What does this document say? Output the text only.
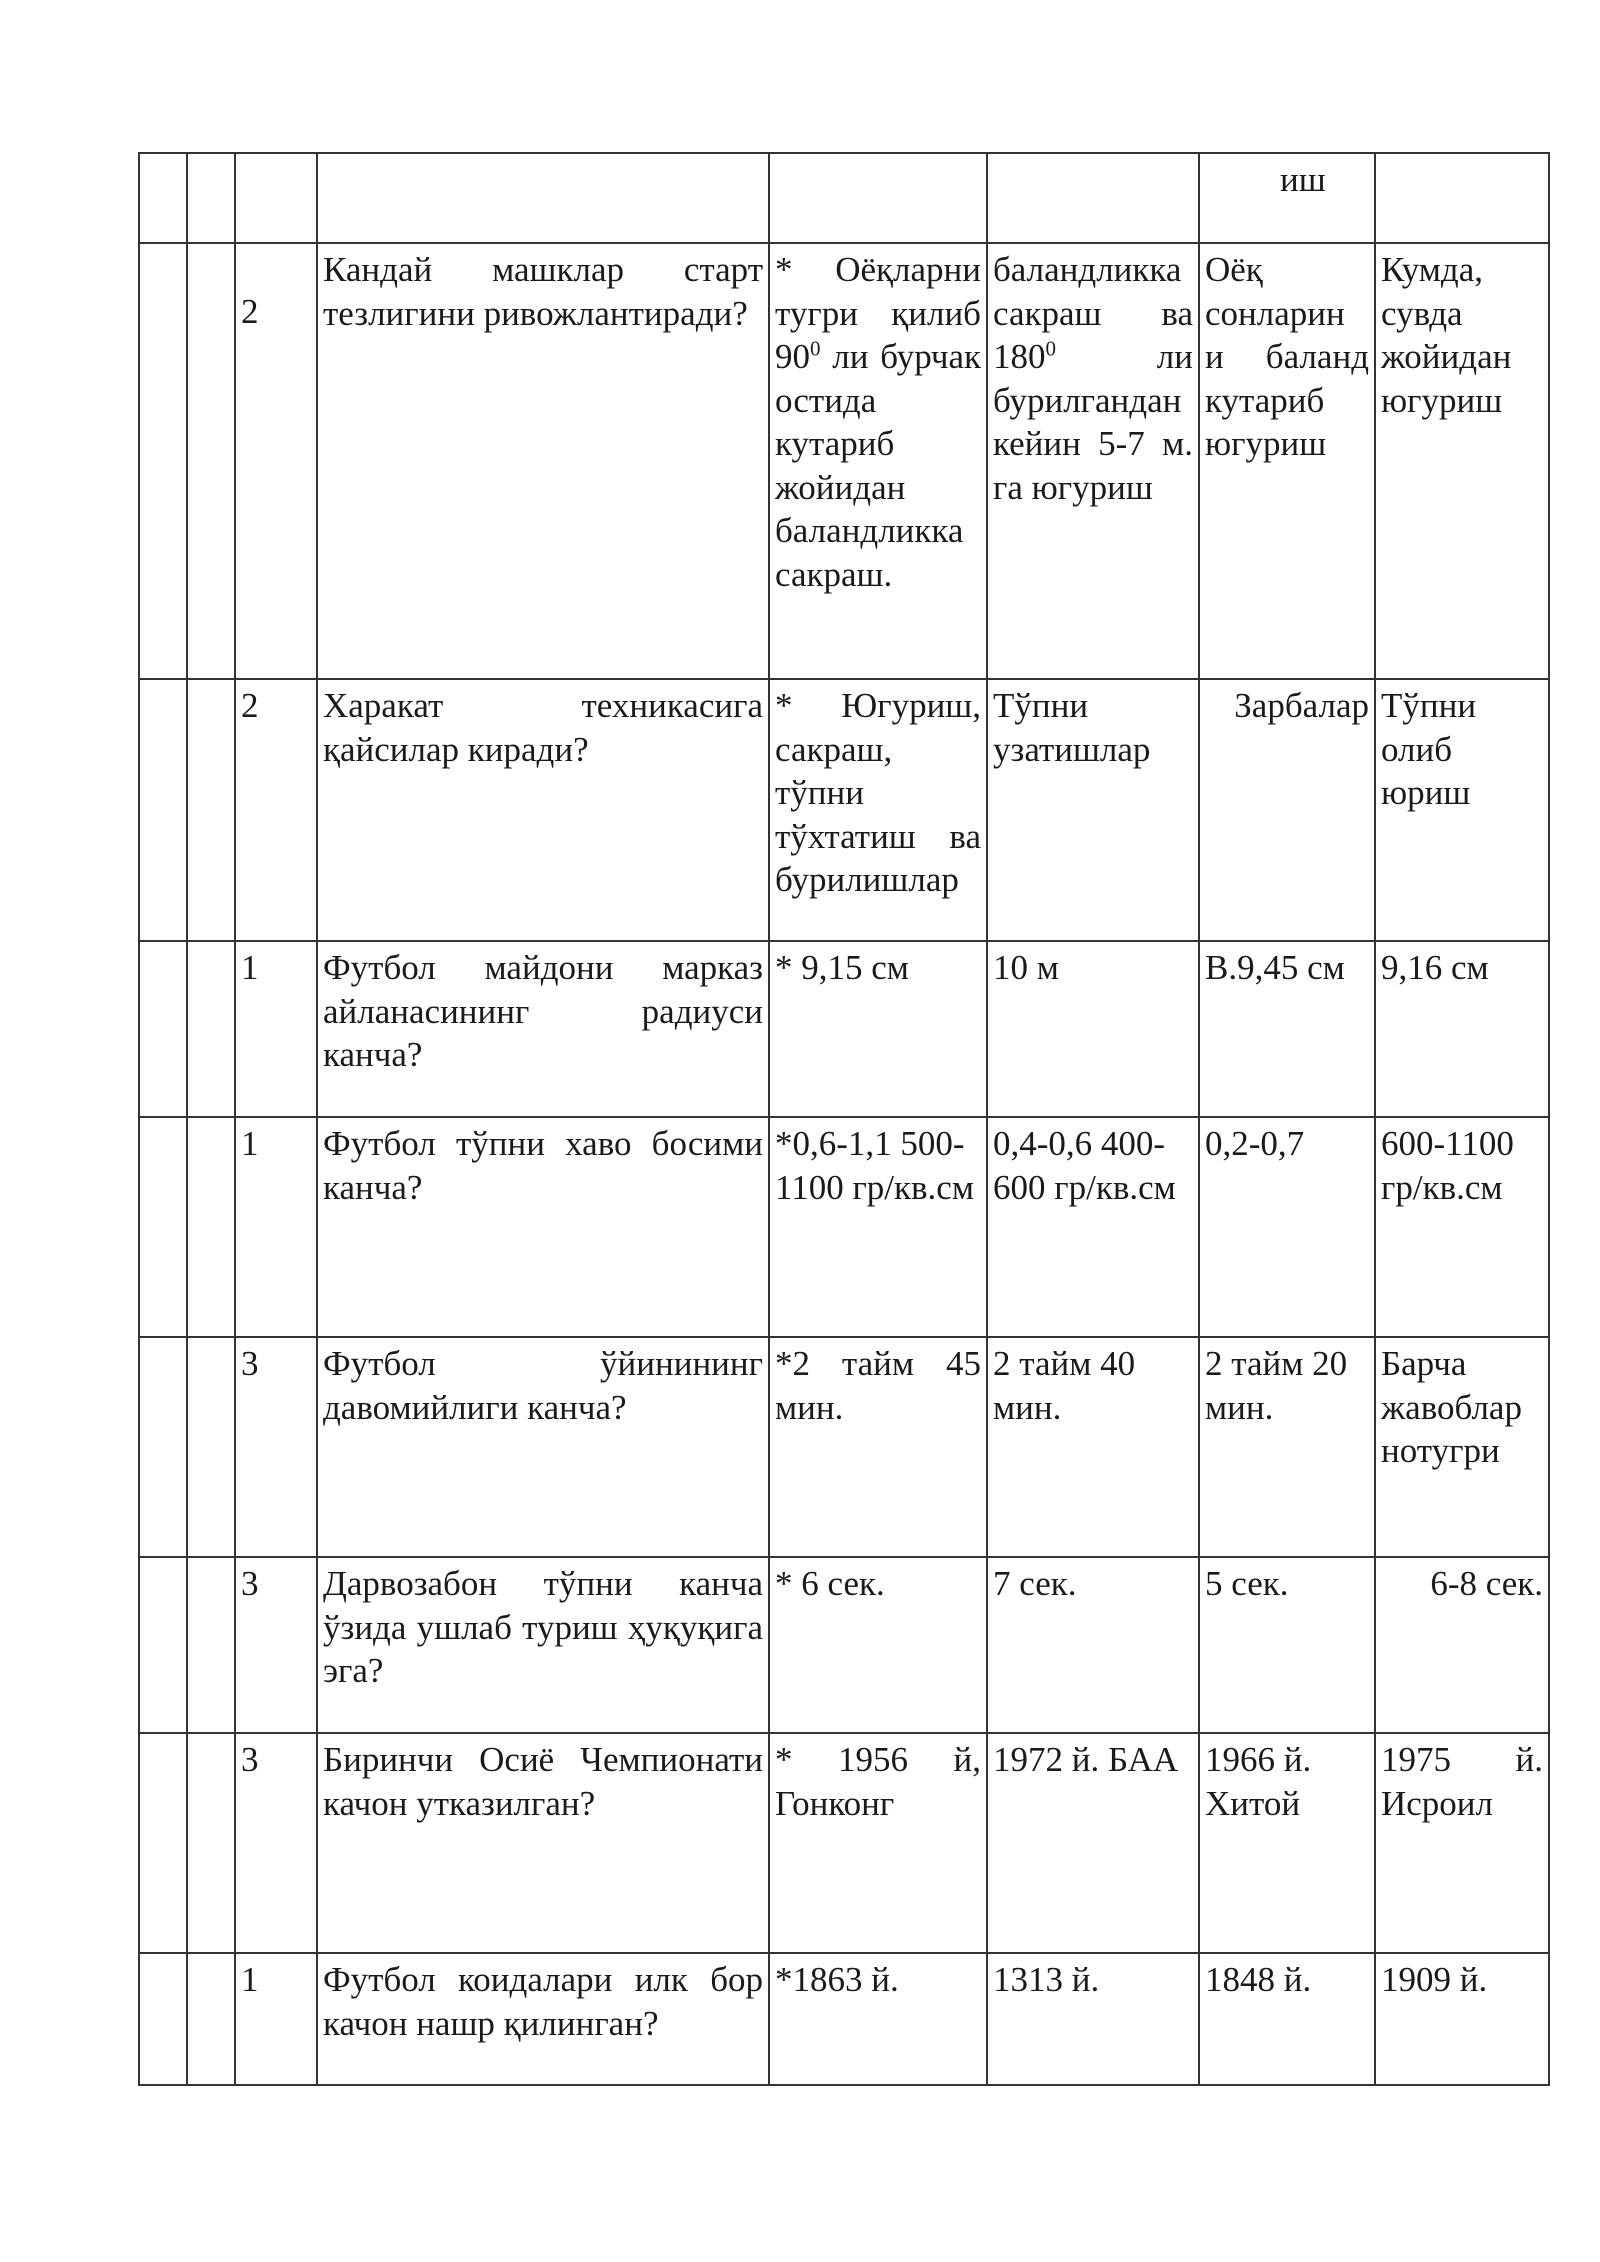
						иш	
		2	Кандай машклар старт тезлигини ривожлантиради?	* Оёқларни тугри қилиб $90^0$ ли бурчак остида кутариб жойидан баландликка сакраш.	баландликка сакраш ва $180^0$ ли бурилгандан кейин 5-7 м. га югуриш	Оёқ сонларин и баланд кутариб югуриш	Кумда, сувда жойидан югуриш
		2	Харакат техникасига қайсилар киради?	* Югуриш, сакраш, тўпни тўхтатиш ва бурилишлар	Тўпни узатишлар	Зарбалар	Тўпни олиб юриш
		1	Футбол майдони марказ айланасининг радиуси канча?	* 9,15 см	10 м	B.9,45 см	9,16 см
		1	Футбол тўпни хаво босими канча?	*0,6-1,1 500-1100 гр/кв.см	0,4-0,6 400-600 гр/кв.см	0,2-0,7	600-1100 гр/кв.см
		3	Футбол ўйинининг давомийлиги канча?	*2 тайм 45 мин.	2 тайм 40 мин.	2 тайм 20 мин.	Барча жавоблар нотугри
		3	Дарвозабон тўпни канча ўзида ушлаб туриш ҳуқуқига эга?	* 6 сек.	7 сек.	5 сек.	6-8 сек.
		3	Биринчи Осиё Чемпионати качон утказилган?	* 1956 й, Гонконг	1972 й. БАА	1966 й. Хитой	1975 й. Исроил
		1	Футбол коидалари илк бор качон нашр қилинган?	*1863 й.	1313 й.	1848 й.	1909 й.
